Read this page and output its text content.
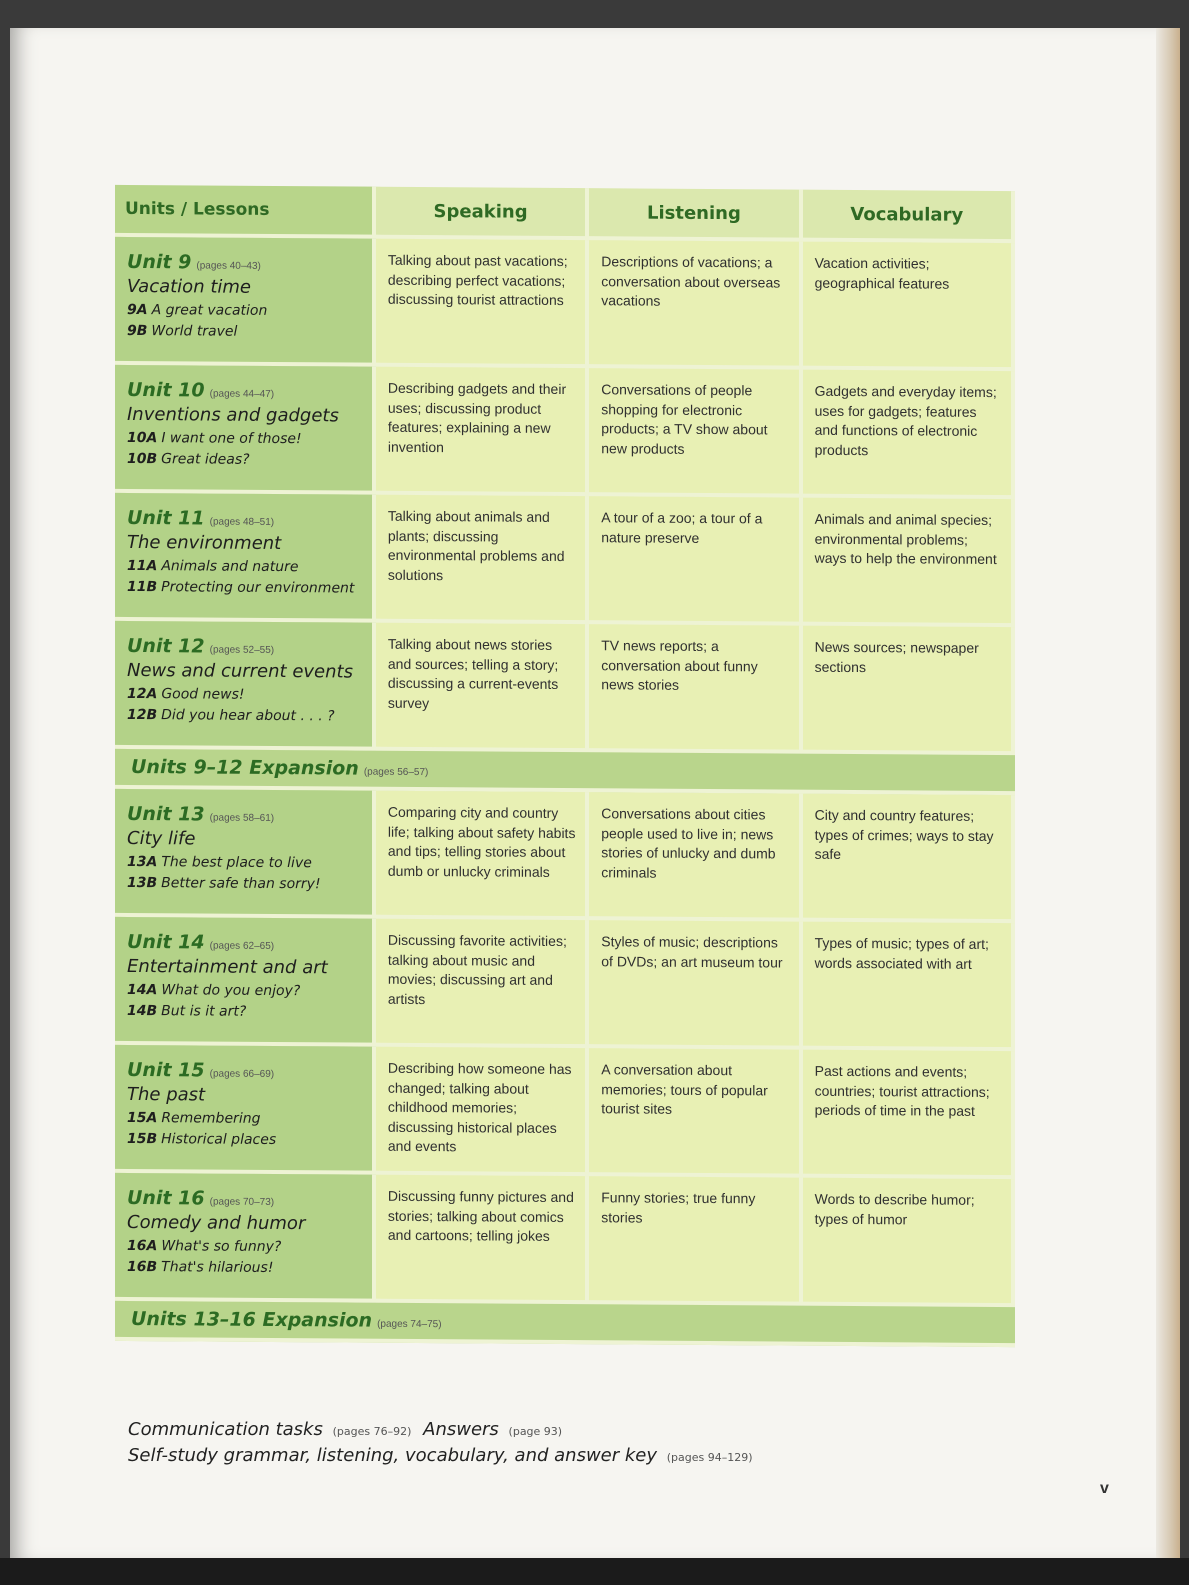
Units / Lessons	Speaking	Listening	Vocabulary

Unit 9 (pages 40–43)
Vacation time
9A A great vacation
9B World travel	Talking about past vacations; describing perfect vacations; discussing tourist attractions	Descriptions of vacations; a conversation about overseas vacations	Vacation activities; geographical features

Unit 10 (pages 44–47)
Inventions and gadgets
10A I want one of those!
10B Great ideas?	Describing gadgets and their uses; discussing product features; explaining a new invention	Conversations of people shopping for electronic products; a TV show about new products	Gadgets and everyday items; uses for gadgets; features and functions of electronic products

Unit 11 (pages 48–51)
The environment
11A Animals and nature
11B Protecting our environment	Talking about animals and plants; discussing environmental problems and solutions	A tour of a zoo; a tour of a nature preserve	Animals and animal species; environmental problems; ways to help the environment

Unit 12 (pages 52–55)
News and current events
12A Good news!
12B Did you hear about . . . ?	Talking about news stories and sources; telling a story; discussing a current-events survey	TV news reports; a conversation about funny news stories	News sources; newspaper sections
Units 9–12 Expansion (pages 56–57)			

Unit 13 (pages 58–61)
City life
13A The best place to live
13B Better safe than sorry!	Comparing city and country life; talking about safety habits and tips; telling stories about dumb or unlucky criminals	Conversations about cities people used to live in; news stories of unlucky and dumb criminals	City and country features; types of crimes; ways to stay safe

Unit 14 (pages 62–65)
Entertainment and art
14A What do you enjoy?
14B But is it art?	Discussing favorite activities; talking about music and movies; discussing art and artists	Styles of music; descriptions of DVDs; an art museum tour	Types of music; types of art; words associated with art

Unit 15 (pages 66–69)
The past
15A Remembering
15B Historical places	Describing how someone has changed; talking about childhood memories; discussing historical places and events	A conversation about memories; tours of popular tourist sites	Past actions and events; countries; tourist attractions; periods of time in the past

Unit 16 (pages 70–73)
Comedy and humor
16A What's so funny?
16B That's hilarious!	Discussing funny pictures and stories; talking about comics and cartoons; telling jokes	Funny stories; true funny stories	Words to describe humor; types of humor
Units 13–16 Expansion (pages 74–75)			
Communication tasks (pages 76–92) Answers (page 93)
Self-study grammar, listening, vocabulary, and answer key (pages 94–129)
v
